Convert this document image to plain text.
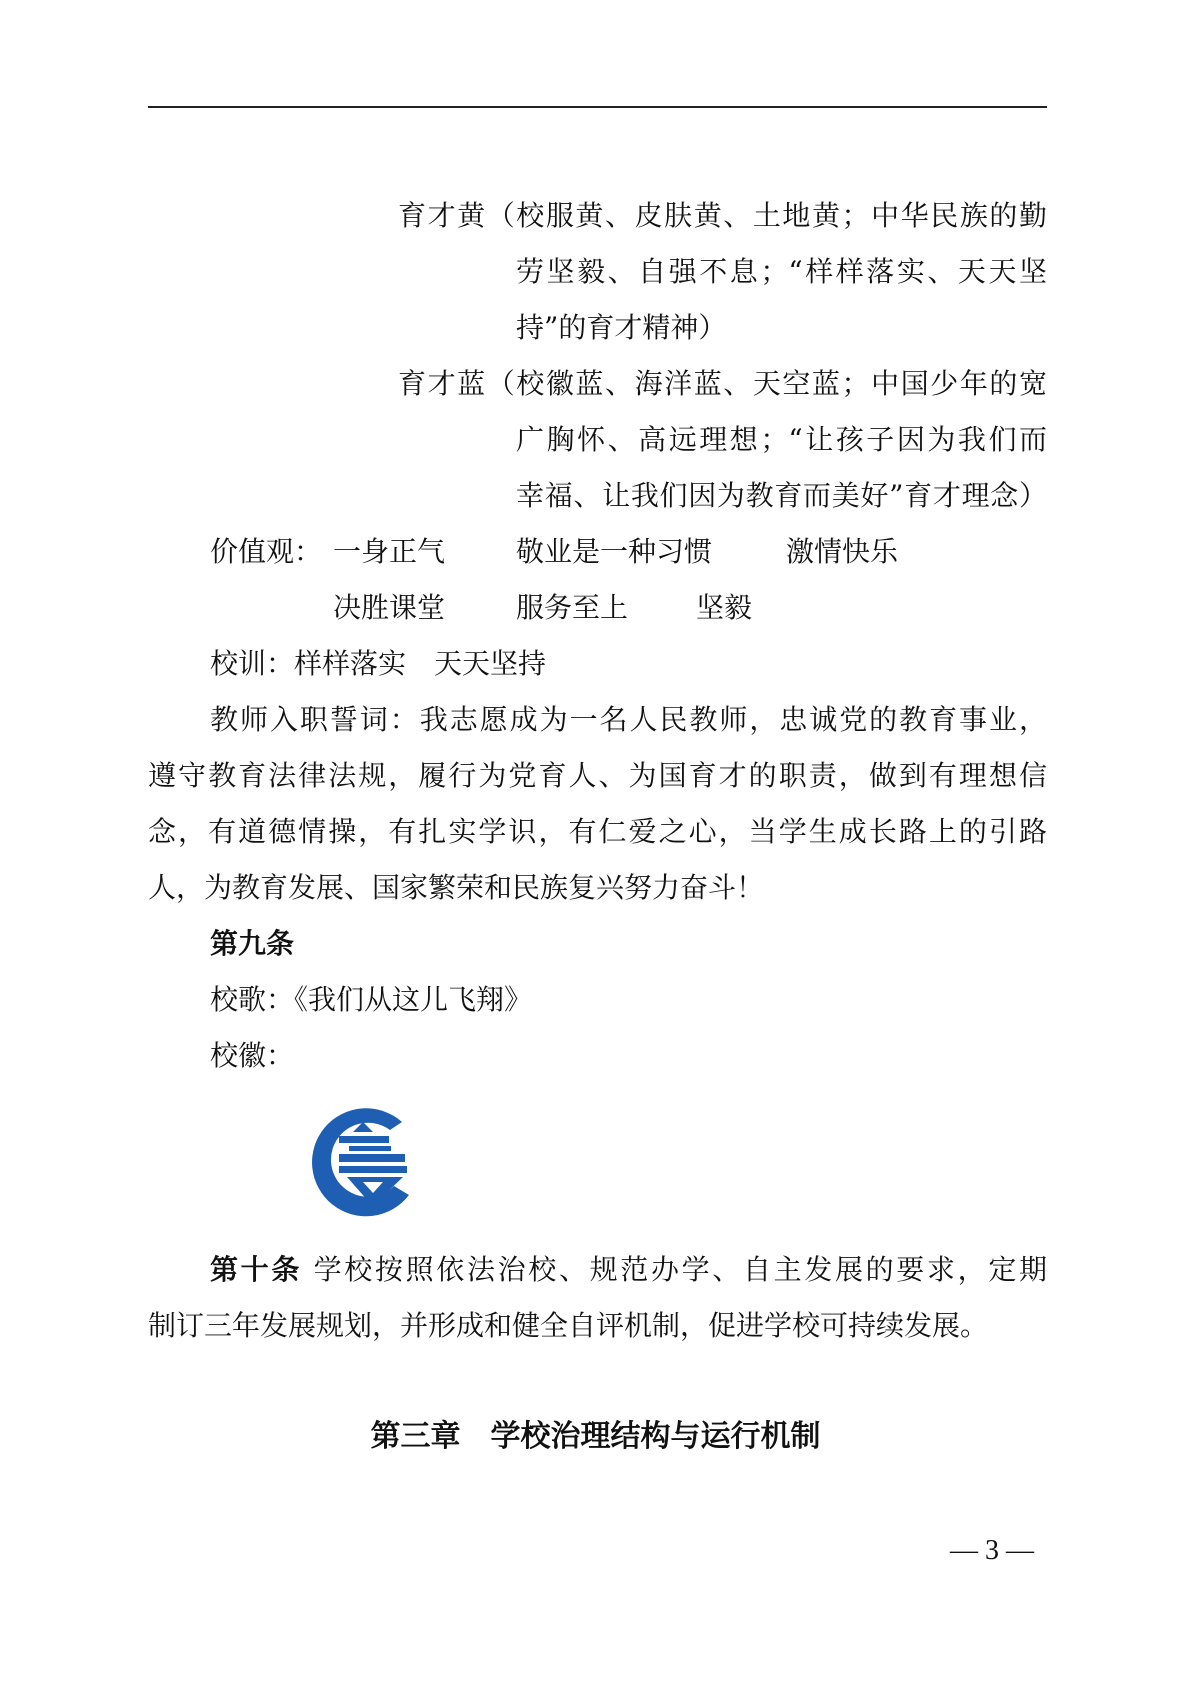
育才黄（校服黄、皮肤黄、土地黄；中华民族的勤
劳坚毅、自强不息；“样样落实、天天坚
持”的育才精神）
育才蓝（校徽蓝、海洋蓝、天空蓝；中国少年的宽
广胸怀、高远理想；“让孩子因为我们而
幸福、让我们因为教育而美好”育才理念）
价值观： 一身正气	敬业是一种习惯	激情快乐
决胜课堂	服务至上 坚毅
校训：样样落实　天天坚持
教师入职誓词：我志愿成为一名人民教师，忠诚党的教育事业，
遵守教育法律法规，履行为党育人、为国育才的职责，做到有理想信
念，有道德情操，有扎实学识，有仁爱之心，当学生成长路上的引路
人，为教育发展、国家繁荣和民族复兴努力奋斗！
第九条
校歌：《我们从这儿飞翔》
校徽：
第十条 学校按照依法治校、规范办学、自主发展的要求，定期
制订三年发展规划，并形成和健全自评机制，促进学校可持续发展。
第三章　学校治理结构与运行机制
— 3 —
